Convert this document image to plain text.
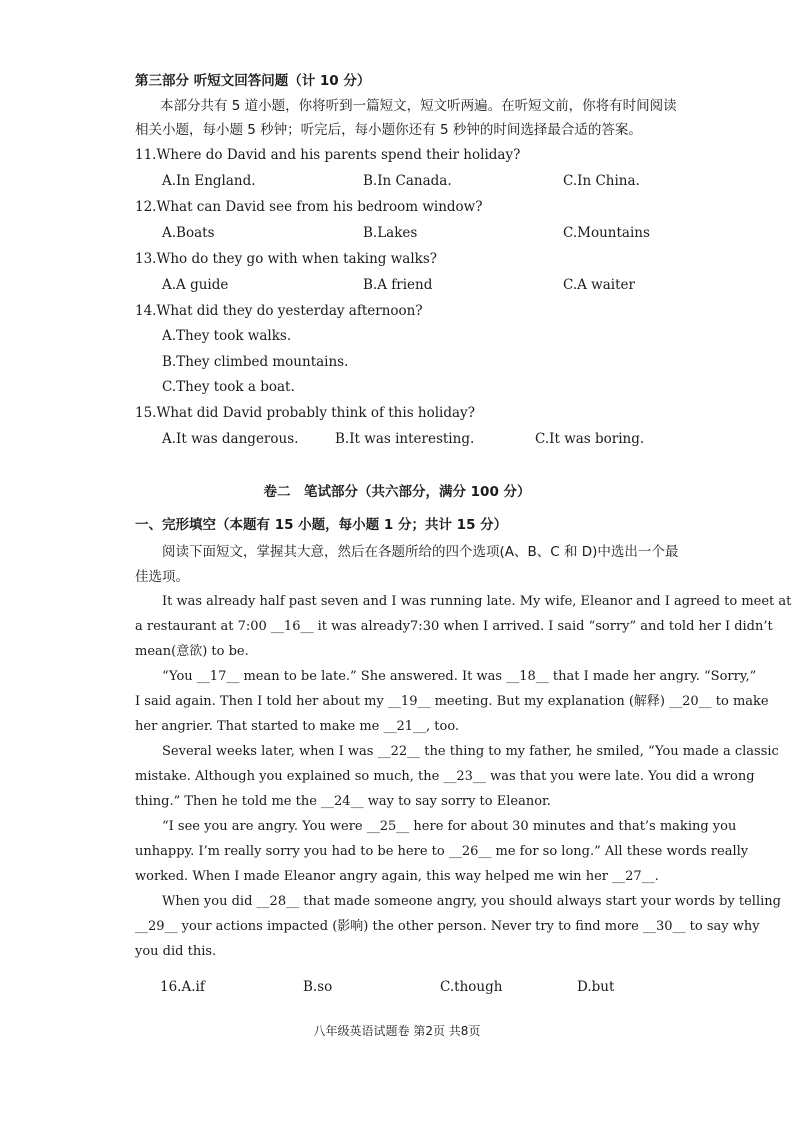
第三部分 听短文回答问题（计 10 分）
本部分共有 5 道小题，你将听到一篇短文，短文听两遍。在听短文前，你将有时间阅读
相关小题，每小题 5 秒钟；听完后，每小题你还有 5 秒钟的时间选择最合适的答案。
11.Where do David and his parents spend their holiday?
A.In England.	B.In Canada.	C.In China.
12.What can David see from his bedroom window?
A.Boats	B.Lakes	C.Mountains
13.Who do they go with when taking walks?
A.A guide	B.A friend	C.A waiter
14.What did they do yesterday afternoon?
A.They took walks.
B.They climbed mountains.
C.They took a boat.
15.What did David probably think of this holiday?
A.It was dangerous.	B.It was interesting.	C.It was boring.
卷二　笔试部分（共六部分，满分 100 分）
一、完形填空（本题有 15 小题，每小题 1 分；共计 15 分）
阅读下面短文，掌握其大意，然后在各题所给的四个选项(A、B、C 和 D)中选出一个最
佳选项。
It was already half past seven and I was running late. My wife, Eleanor and I agreed to meet at
a restaurant at 7:00 __16__ it was already7:30 when I arrived. I said “sorry” and told her I didn’t
mean(意欲) to be.
“You __17__ mean to be late.” She answered. It was __18__ that I made her angry. “Sorry,”
I said again. Then I told her about my __19__ meeting. But my explanation (解释) __20__ to make
her angrier. That started to make me __21__, too.
Several weeks later, when I was __22__ the thing to my father, he smiled, “You made a classic
mistake. Although you explained so much, the __23__ was that you were late. You did a wrong
thing.” Then he told me the __24__ way to say sorry to Eleanor.
“I see you are angry. You were __25__ here for about 30 minutes and that’s making you
unhappy. I’m really sorry you had to be here to __26__ me for so long.” All these words really
worked. When I made Eleanor angry again, this way helped me win her __27__.
When you did __28__ that made someone angry, you should always start your words by telling
__29__ your actions impacted (影响) the other person. Never try to find more __30__ to say why
you did this.
16.A.if	B.so	C.though	D.but
八年级英语试题卷 第2页 共8页
